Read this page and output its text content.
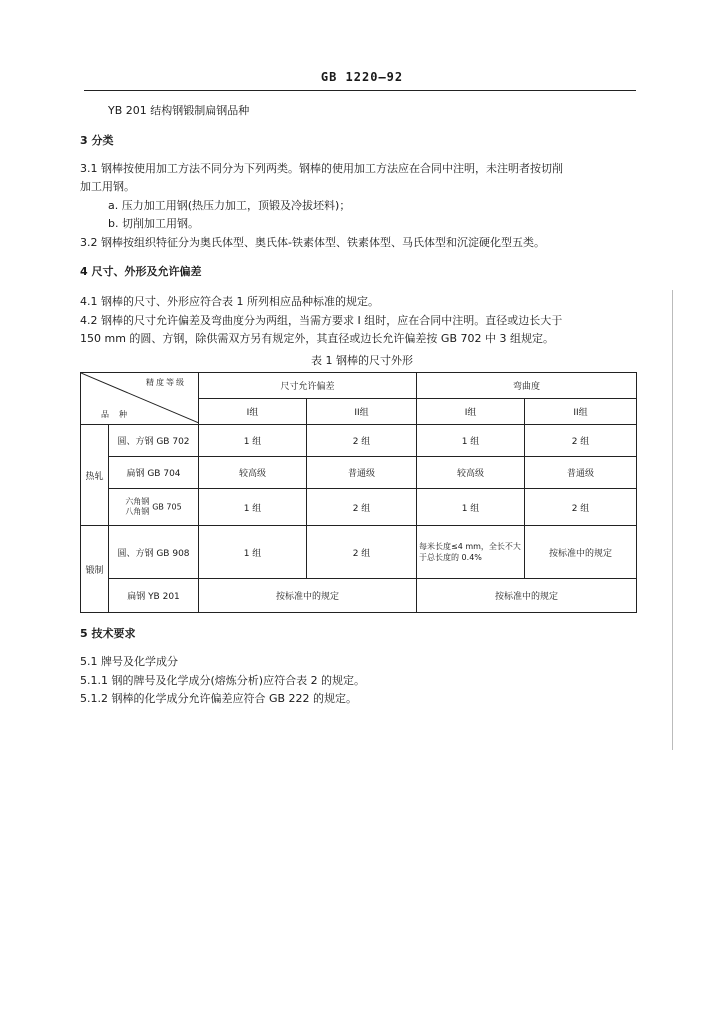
GB 1220—92
YB 201 结构钢锻制扁钢品种
3 分类
3.1 钢棒按使用加工方法不同分为下列两类。钢棒的使用加工方法应在合同中注明，未注明者按切削
加工用钢。
a. 压力加工用钢(热压力加工，顶锻及冷拔坯料)；
b. 切削加工用钢。
3.2 钢棒按组织特征分为奥氏体型、奥氏体-铁素体型、铁素体型、马氏体型和沉淀硬化型五类。
4 尺寸、外形及允许偏差
4.1 钢棒的尺寸、外形应符合表 1 所列相应品种标准的规定。
4.2 钢棒的尺寸允许偏差及弯曲度分为两组，当需方要求 I 组时，应在合同中注明。直径或边长大于
150 mm 的圆、方钢，除供需双方另有规定外，其直径或边长允许偏差按 GB 702 中 3 组规定。
表 1 钢棒的尺寸外形
精度等级
品种		尺寸允许偏差		弯曲度	
		I组	II组	I组	II组
热轧	圆、方钢 GB 702	1 组	2 组	1 组	2 组
	扁钢 GB 704	较高级	普通级	较高级	普通级
	六角钢
八角钢 GB 705	1 组	2 组	1 组	2 组
锻制	圆、方钢 GB 908	1 组	2 组	每米长度≤4 mm，全长不大于总长度的 0.4%	按标准中的规定
	扁钢 YB 201	按标准中的规定		按标准中的规定	
5 技术要求
5.1 牌号及化学成分
5.1.1 钢的牌号及化学成分(熔炼分析)应符合表 2 的规定。
5.1.2 钢棒的化学成分允许偏差应符合 GB 222 的规定。
